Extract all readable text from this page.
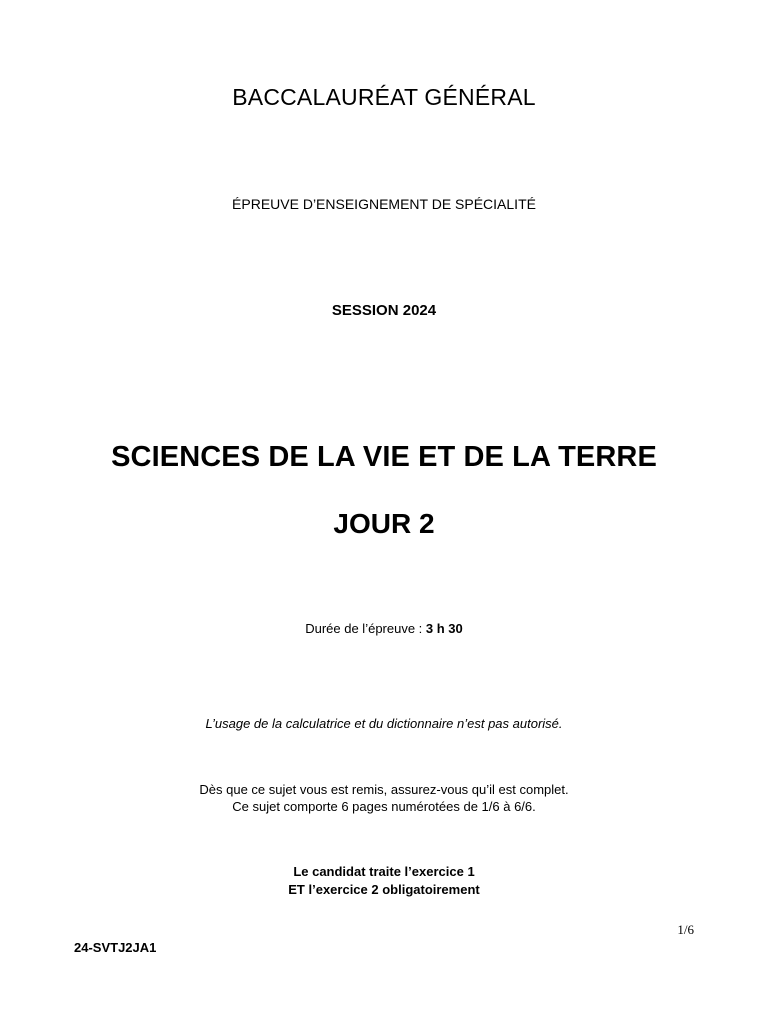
BACCALAURÉAT GÉNÉRAL

ÉPREUVE D’ENSEIGNEMENT DE SPÉCIALITÉ

SESSION 2024

SCIENCES DE LA VIE ET DE LA TERRE
JOUR 2

Durée de l’épreuve : 3 h 30

L’usage de la calculatrice et du dictionnaire n’est pas autorisé.

Dès que ce sujet vous est remis, assurez-vous qu’il est complet.

Ce sujet comporte 6 pages numérotées de 1/6 à 6/6.

Le candidat traite l’exercice 1

ET l’exercice 2 obligatoirement

1/6
24-SVTJ2JA1
